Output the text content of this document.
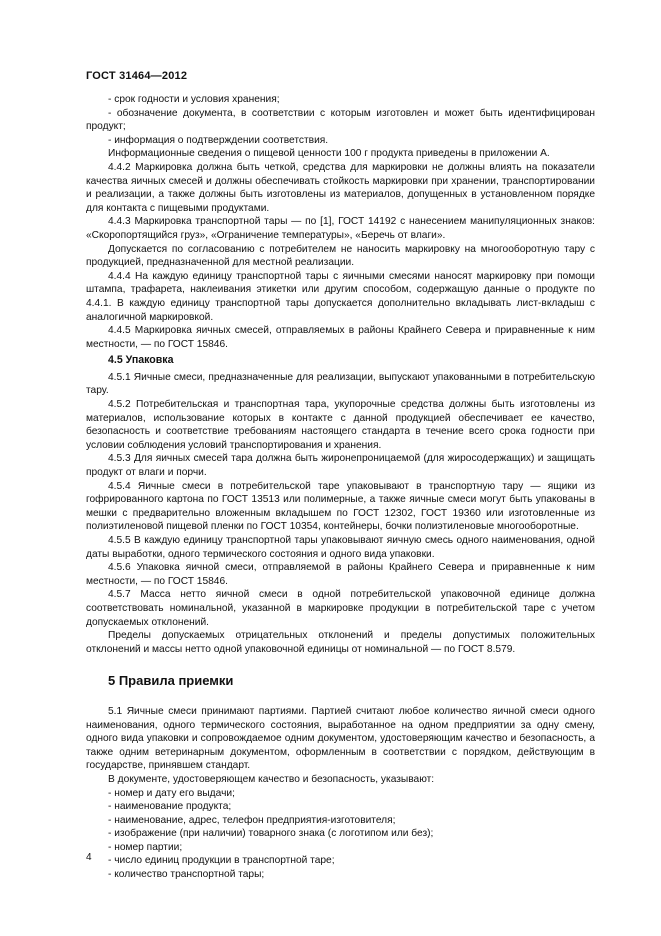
ГОСТ 31464—2012

- срок годности и условия хранения;

- обозначение документа, в соответствии с которым изготовлен и может быть идентифицирован продукт;

- информация о подтверждении соответствия.

Информационные сведения о пищевой ценности 100 г продукта приведены в приложении А.

4.4.2 Маркировка должна быть четкой, средства для маркировки не должны влиять на показатели качества яичных смесей и должны обеспечивать стойкость маркировки при хранении, транспортировании и реализации, а также должны быть изготовлены из материалов, допущенных в установленном порядке для контакта с пищевыми продуктами.

4.4.3 Маркировка транспортной тары — по [1], ГОСТ 14192 с нанесением манипуляционных знаков: «Скоропортящийся груз», «Ограничение температуры», «Беречь от влаги».

Допускается по согласованию с потребителем не наносить маркировку на многооборотную тару с продукцией, предназначенной для местной реализации.

4.4.4 На каждую единицу транспортной тары с яичными смесями наносят маркировку при помощи штампа, трафарета, наклеивания этикетки или другим способом, содержащую данные о продукте по 4.4.1. В каждую единицу транспортной тары допускается дополнительно вкладывать лист-вкладыш с аналогичной маркировкой.

4.4.5 Маркировка яичных смесей, отправляемых в районы Крайнего Севера и приравненные к ним местности, — по ГОСТ 15846.

4.5 Упаковка

4.5.1 Яичные смеси, предназначенные для реализации, выпускают упакованными в потребительскую тару.

4.5.2 Потребительская и транспортная тара, укупорочные средства должны быть изготовлены из материалов, использование которых в контакте с данной продукцией обеспечивает ее качество, безопасность и соответствие требованиям настоящего стандарта в течение всего срока годности при условии соблюдения условий транспортирования и хранения.

4.5.3 Для яичных смесей тара должна быть жиронепроницаемой (для жиросодержащих) и защищать продукт от влаги и порчи.

4.5.4 Яичные смеси в потребительской таре упаковывают в транспортную тару — ящики из гофрированного картона по ГОСТ 13513 или полимерные, а также яичные смеси могут быть упакованы в мешки с предварительно вложенным вкладышем по ГОСТ 12302, ГОСТ 19360 или изготовленные из полиэтиленовой пищевой пленки по ГОСТ 10354, контейнеры, бочки полиэтиленовые многооборотные.

4.5.5 В каждую единицу транспортной тары упаковывают яичную смесь одного наименования, одной даты выработки, одного термического состояния и одного вида упаковки.

4.5.6 Упаковка яичной смеси, отправляемой в районы Крайнего Севера и приравненные к ним местности, — по ГОСТ 15846.

4.5.7 Масса нетто яичной смеси в одной потребительской упаковочной единице должна соответствовать номинальной, указанной в маркировке продукции в потребительской таре с учетом допускаемых отклонений.

Пределы допускаемых отрицательных отклонений и пределы допустимых положительных отклонений и массы нетто одной упаковочной единицы от номинальной — по ГОСТ 8.579.

5 Правила приемки

5.1 Яичные смеси принимают партиями. Партией считают любое количество яичной смеси одного наименования, одного термического состояния, выработанное на одном предприятии за одну смену, одного вида упаковки и сопровождаемое одним документом, удостоверяющим качество и безопасность, а также одним ветеринарным документом, оформленным в соответствии с порядком, действующим в государстве, принявшем стандарт.

В документе, удостоверяющем качество и безопасность, указывают:

- номер и дату его выдачи;

- наименование продукта;

- наименование, адрес, телефон предприятия-изготовителя;

- изображение (при наличии) товарного знака (с логотипом или без);

- номер партии;

- число единиц продукции в транспортной таре;

- количество транспортной тары;

4
